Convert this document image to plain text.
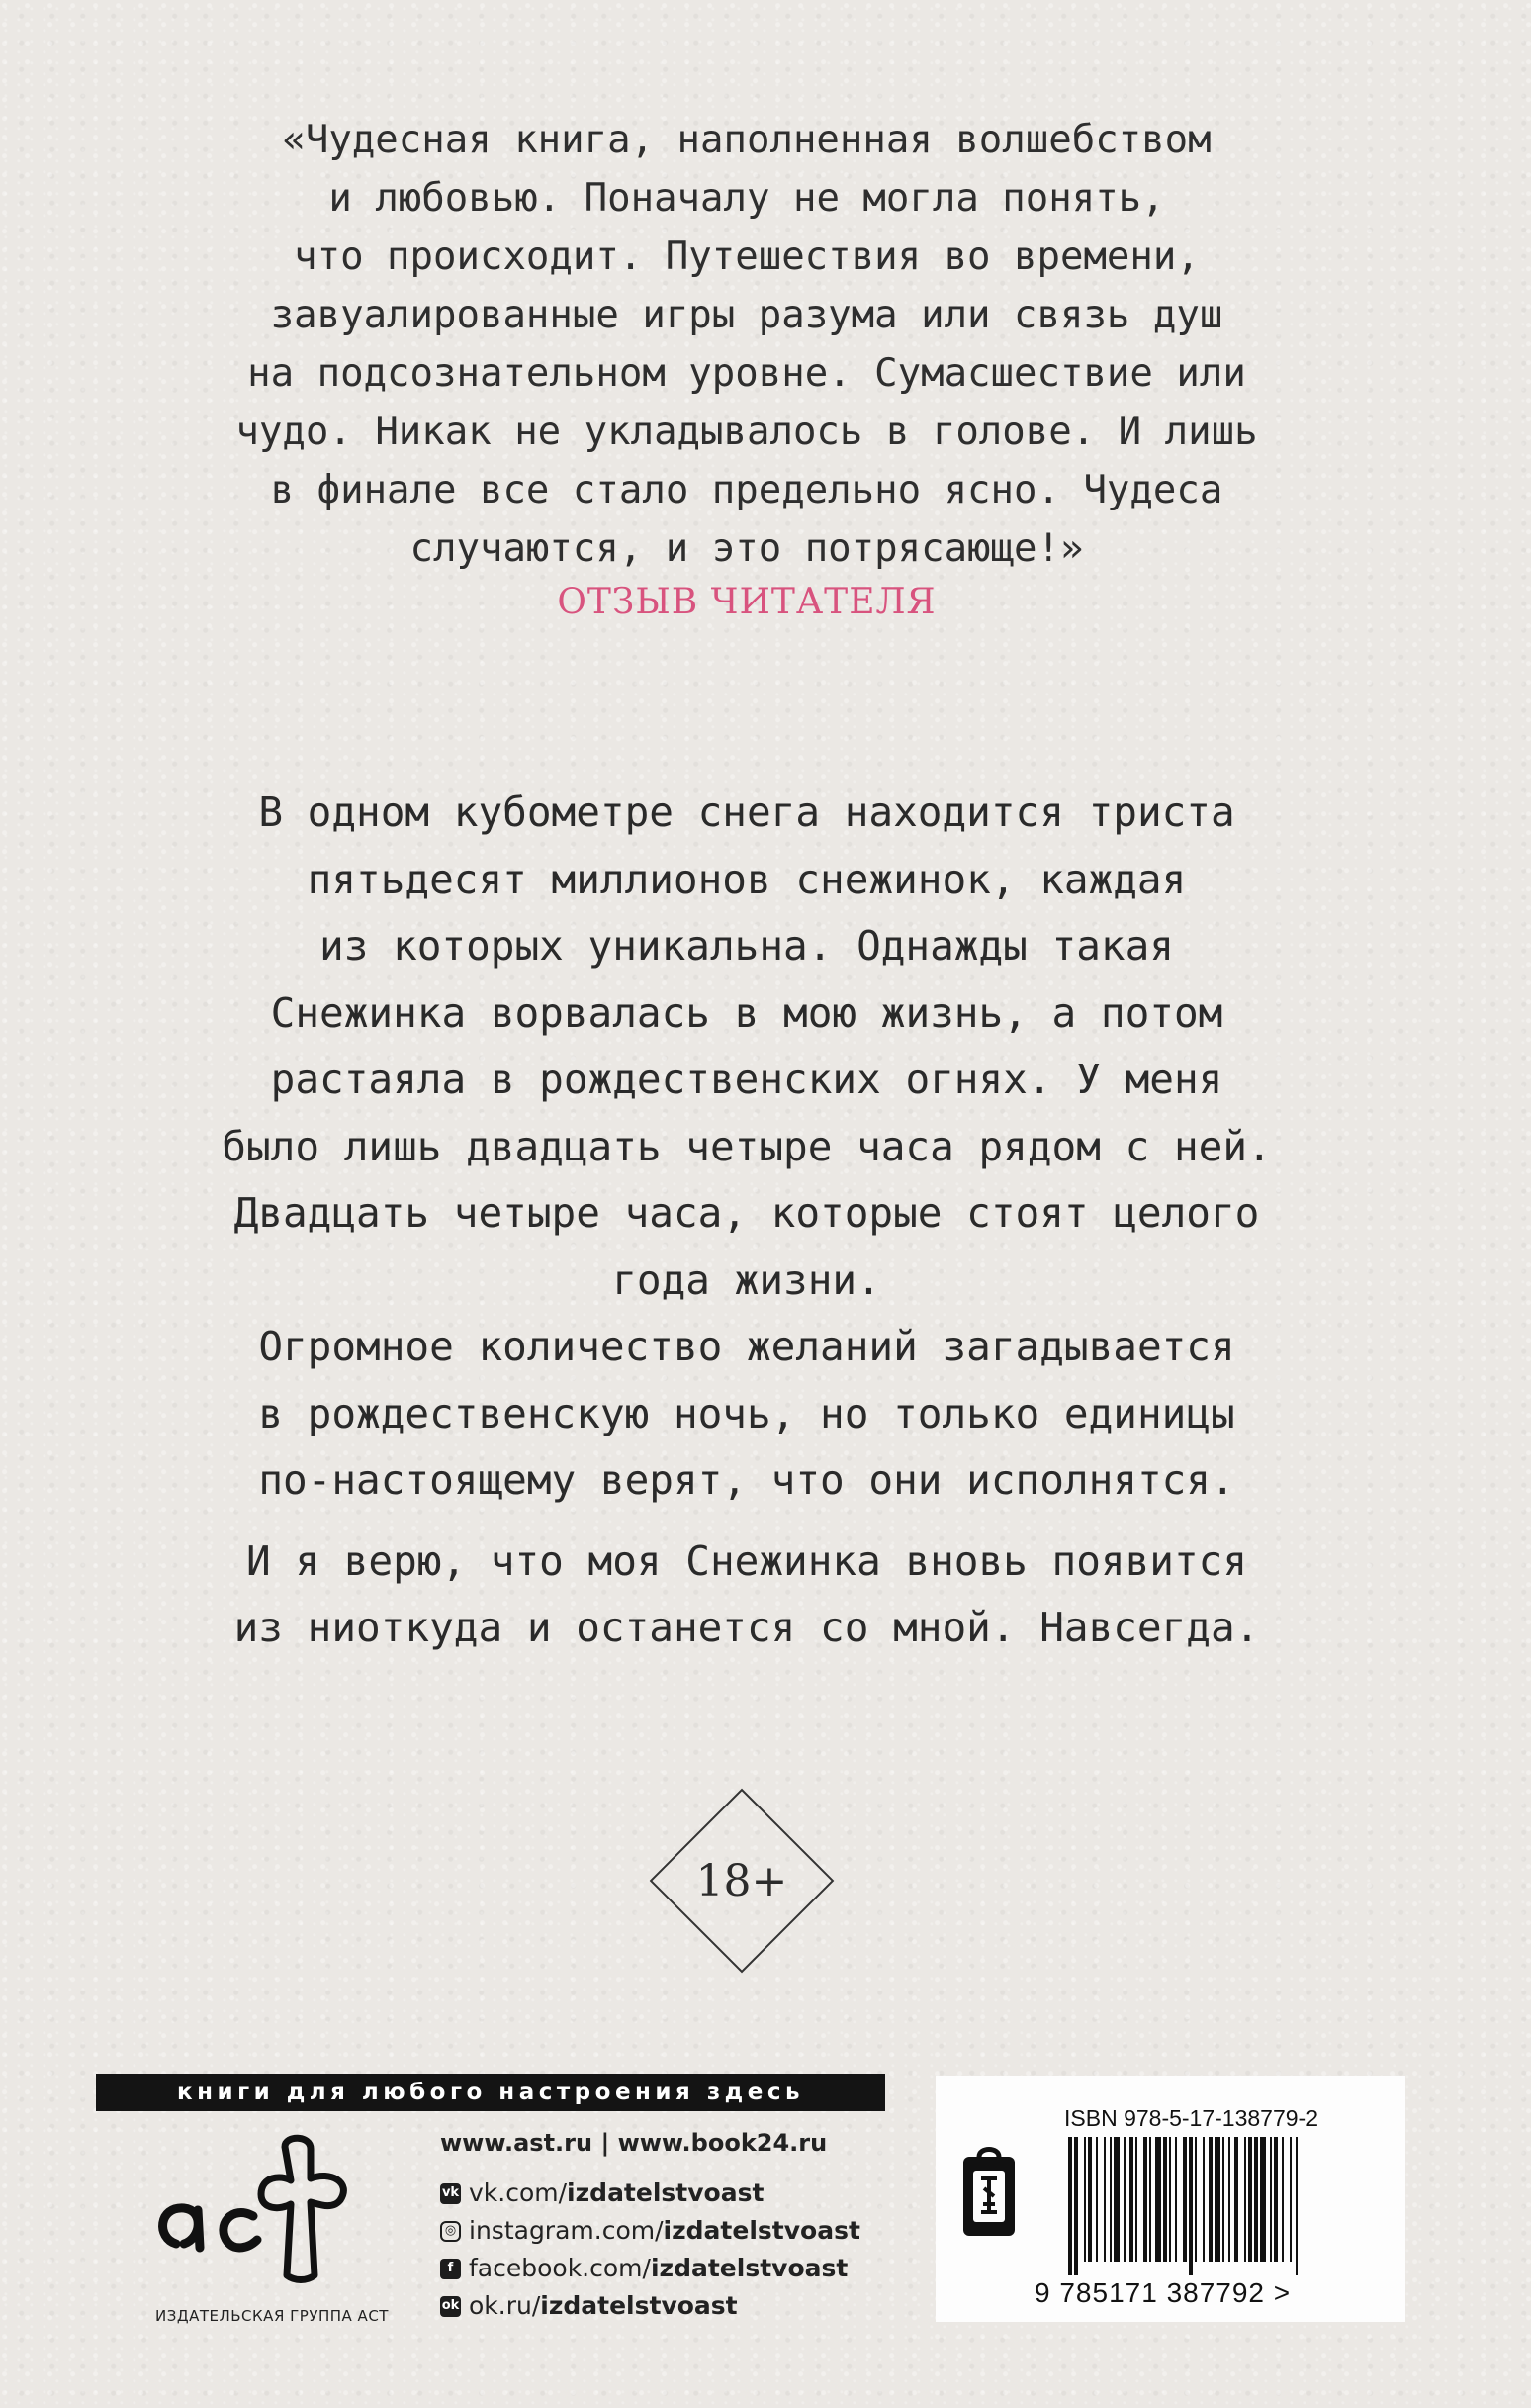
«Чудесная книга, наполненная волшебством
и любовью. Поначалу не могла понять,
что происходит. Путешествия во времени,
завуалированные игры разума или связь душ
на подсознательном уровне. Сумасшествие или
чудо. Никак не укладывалось в голове. И лишь
в финале все стало предельно ясно. Чудеса
случаются, и это потрясающе!»
ОТЗЫВ ЧИТАТЕЛЯ
В одном кубометре снега находится триста
пятьдесят миллионов снежинок, каждая
из которых уникальна. Однажды такая
Снежинка ворвалась в мою жизнь, а потом
растаяла в рождественских огнях. У меня
было лишь двадцать четыре часа рядом с ней.
Двадцать четыре часа, которые стоят целого
года жизни.
Огромное количество желаний загадывается
в рождественскую ночь, но только единицы
по-настоящему верят, что они исполнятся.
И я верю, что моя Снежинка вновь появится
из ниоткуда и останется со мной. Навсегда.
18+
книги для любого настроения здесь
ИЗДАТЕЛЬСКАЯ ГРУППА АСТ
www.ast.ru | www.book24.ru
vk vk.com/ izdatelstvoast
◎ instagram.com/ izdatelstvoast
f facebook.com/ izdatelstvoast
ok ok.ru/ izdatelstvoast
ISBN 978-5-17-138779-2
9 785171 387792 >
